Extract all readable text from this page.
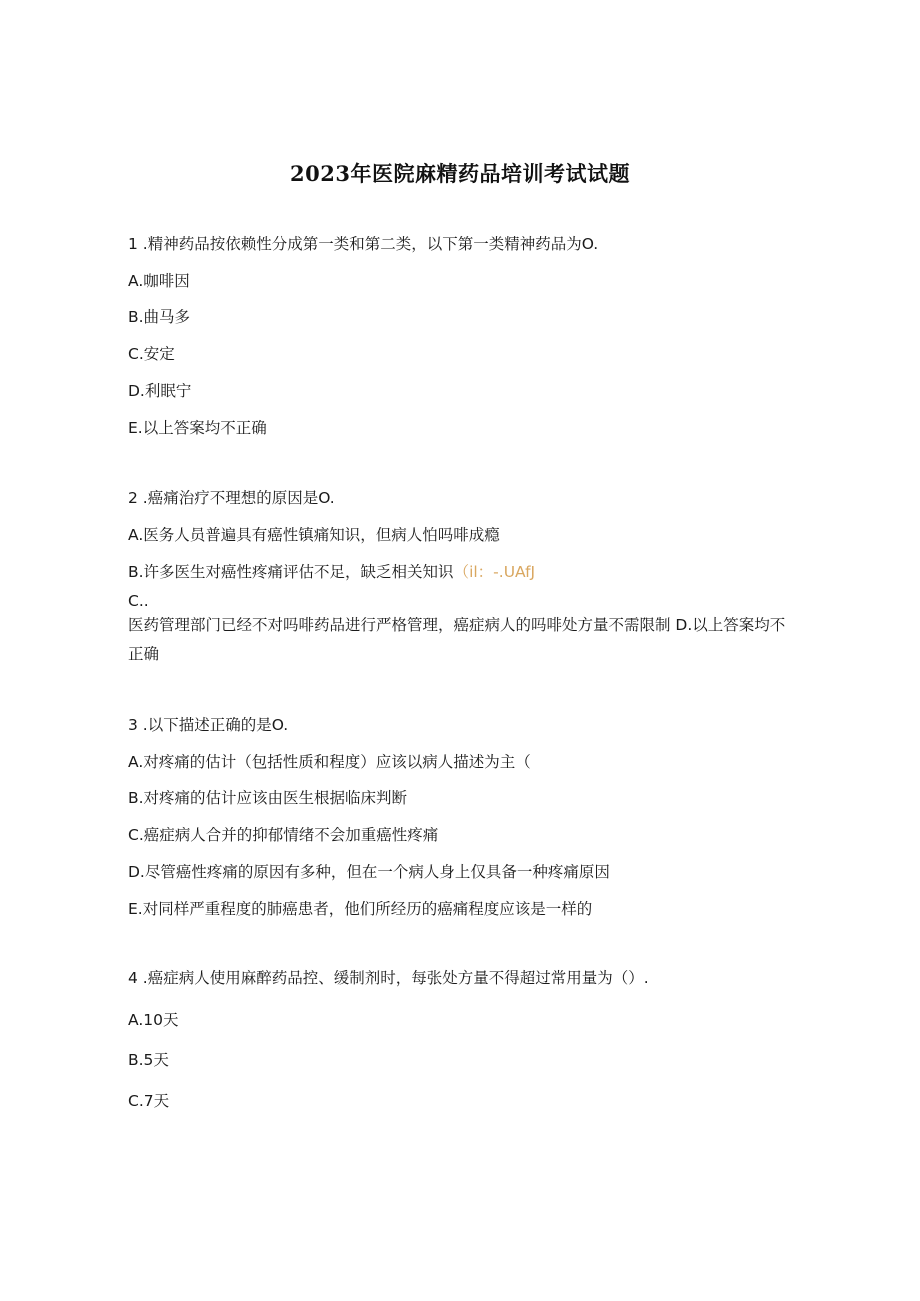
2023年医院麻精药品培训考试试题
1 .精神药品按依赖性分成第一类和第二类，以下第一类精神药品为O.
A.咖啡因
B.曲马多
C.安定
D.利眠宁
E.以上答案均不正确
2 .癌痛治疗不理想的原因是O.
A.医务人员普遍具有癌性镇痛知识，但病人怕吗啡成瘾
B.许多医生对癌性疼痛评估不足，缺乏相关知识（il：-.UAfJ
C..
医药管理部门已经不对吗啡药品进行严格管理，癌症病人的吗啡处方量不需限制 D.以上答案均不正确
3 .以下描述正确的是O.
A.对疼痛的估计（包括性质和程度）应该以病人描述为主（
B.对疼痛的估计应该由医生根据临床判断
C.癌症病人合并的抑郁情绪不会加重癌性疼痛
D.尽管癌性疼痛的原因有多种，但在一个病人身上仅具备一种疼痛原因
E.对同样严重程度的肺癌患者，他们所经历的癌痛程度应该是一样的
4 .癌症病人使用麻醉药品控、缓制剂时，每张处方量不得超过常用量为（）.
A.10天
B.5天
C.7天
